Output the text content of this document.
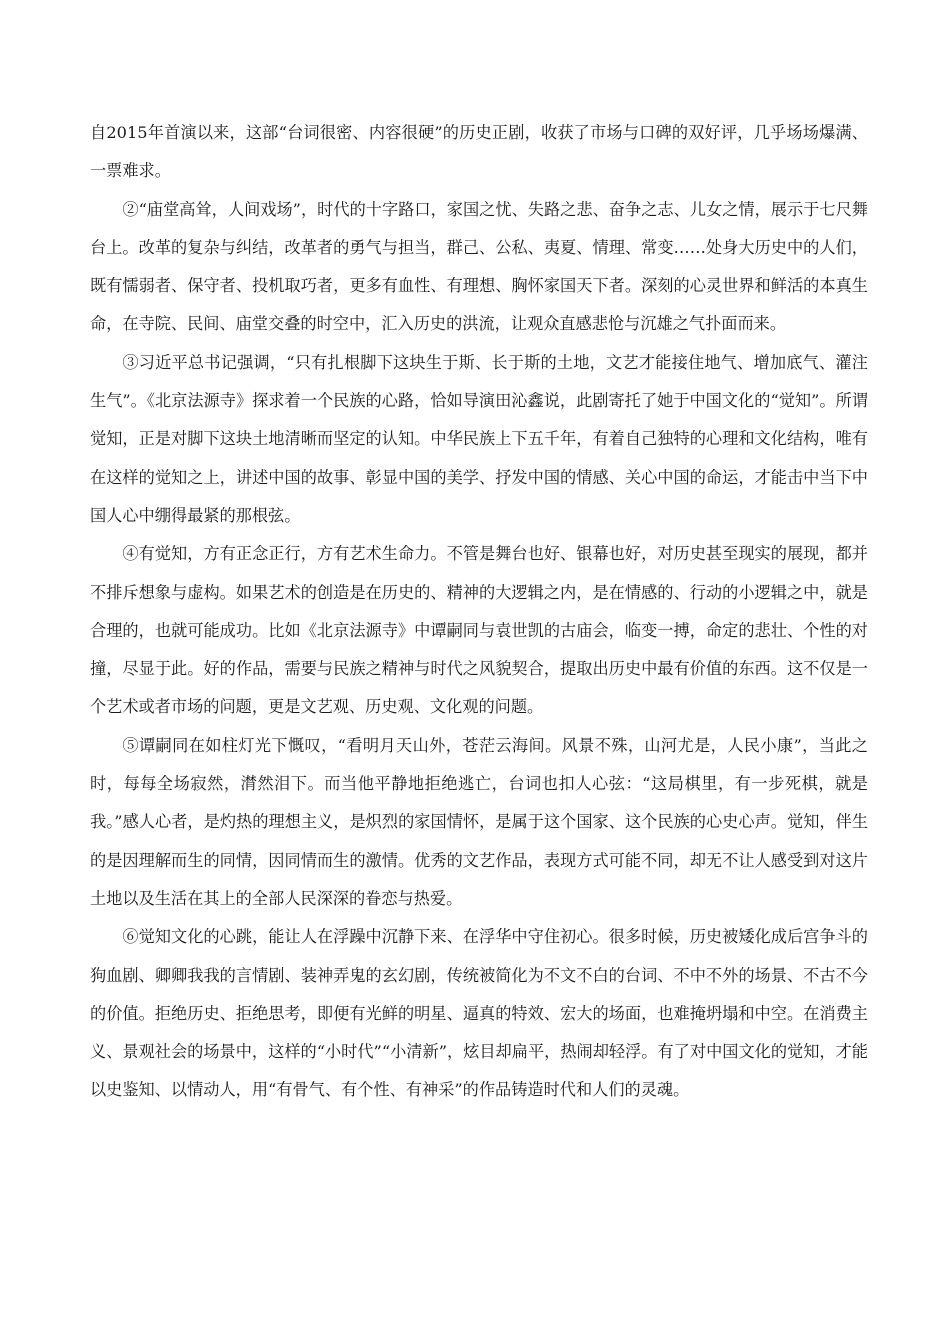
自2015年首演以来，这部“台词很密、内容很硬”的历史正剧，收获了市场与口碑的双好评，几乎场场爆满、一票难求。

②“庙堂高耸，人间戏场”，时代的十字路口，家国之忧、失路之悲、奋争之志、儿女之情，展示于七尺舞台上。改革的复杂与纠结，改革者的勇气与担当，群己、公私、夷夏、情理、常变……处身大历史中的人们，既有懦弱者、保守者、投机取巧者，更多有血性、有理想、胸怀家国天下者。深刻的心灵世界和鲜活的本真生命，在寺院、民间、庙堂交叠的时空中，汇入历史的洪流，让观众直感悲怆与沉雄之气扑面而来。

③习近平总书记强调，“只有扎根脚下这块生于斯、长于斯的土地，文艺才能接住地气、增加底气、灌注生气”。《北京法源寺》探求着一个民族的心路，恰如导演田沁鑫说，此剧寄托了她于中国文化的“觉知”。所谓觉知，正是对脚下这块土地清晰而坚定的认知。中华民族上下五千年，有着自己独特的心理和文化结构，唯有在这样的觉知之上，讲述中国的故事、彰显中国的美学、抒发中国的情感、关心中国的命运，才能击中当下中国人心中绷得最紧的那根弦。

④有觉知，方有正念正行，方有艺术生命力。不管是舞台也好、银幕也好，对历史甚至现实的展现，都并不排斥想象与虚构。如果艺术的创造是在历史的、精神的大逻辑之内，是在情感的、行动的小逻辑之中，就是合理的，也就可能成功。比如《北京法源寺》中谭嗣同与袁世凯的古庙会，临变一搏，命定的悲壮、个性的对撞，尽显于此。好的作品，需要与民族之精神与时代之风貌契合，提取出历史中最有价值的东西。这不仅是一个艺术或者市场的问题，更是文艺观、历史观、文化观的问题。

⑤谭嗣同在如柱灯光下慨叹，“看明月天山外，苍茫云海间。风景不殊，山河尤是，人民小康”，当此之时，每每全场寂然，潸然泪下。而当他平静地拒绝逃亡，台词也扣人心弦：“这局棋里，有一步死棋，就是我。”感人心者，是灼热的理想主义，是炽烈的家国情怀，是属于这个国家、这个民族的心史心声。觉知，伴生的是因理解而生的同情，因同情而生的激情。优秀的文艺作品，表现方式可能不同，却无不让人感受到对这片土地以及生活在其上的全部人民深深的眷恋与热爱。

⑥觉知文化的心跳，能让人在浮躁中沉静下来、在浮华中守住初心。很多时候，历史被矮化成后宫争斗的狗血剧、卿卿我我的言情剧、装神弄鬼的玄幻剧，传统被简化为不文不白的台词、不中不外的场景、不古不今的价值。拒绝历史、拒绝思考，即便有光鲜的明星、逼真的特效、宏大的场面，也难掩坍塌和中空。在消费主义、景观社会的场景中，这样的“小时代”“小清新”，炫目却扁平，热闹却轻浮。有了对中国文化的觉知，才能以史鉴知、以情动人，用“有骨气、有个性、有神采”的作品铸造时代和人们的灵魂。
